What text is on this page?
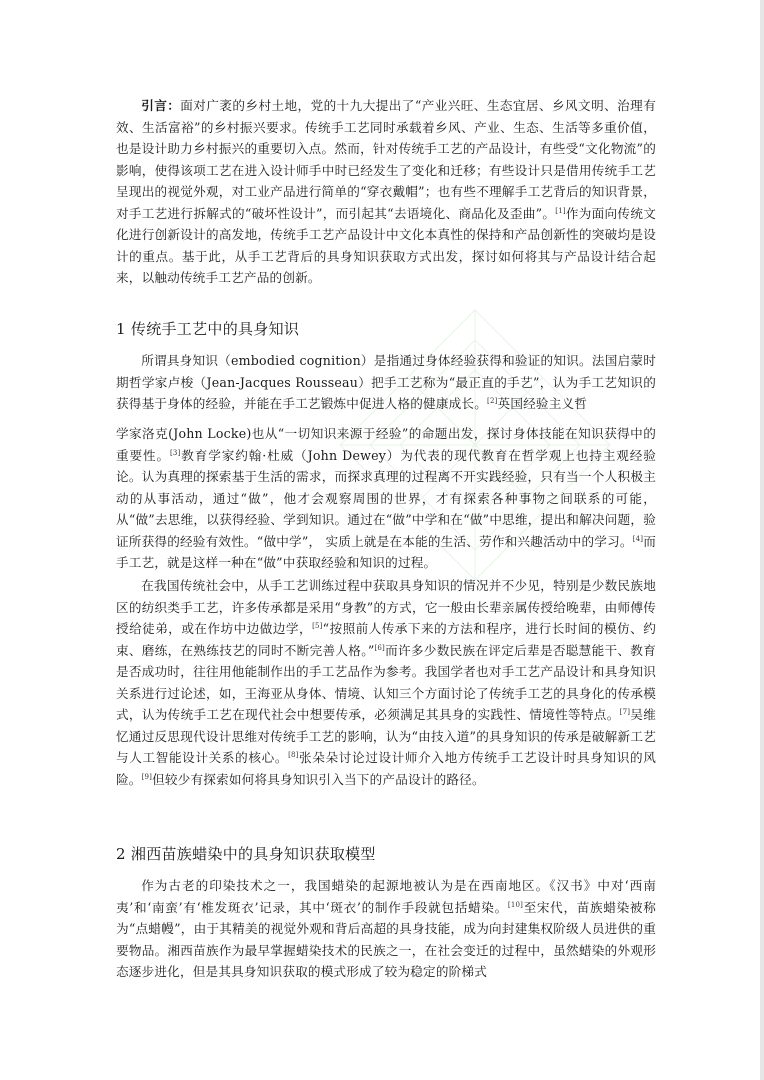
引言：面对广袤的乡村土地，党的十九大提出了“产业兴旺、生态宜居、乡风文明、治理有效、生活富裕”的乡村振兴要求。传统手工艺同时承载着乡风、产业、生态、生活等多重价值，也是设计助力乡村振兴的重要切入点。然而，针对传统手工艺的产品设计，有些受“文化物流”的影响，使得该项工艺在进入设计师手中时已经发生了变化和迁移；有些设计只是借用传统手工艺呈现出的视觉外观，对工业产品进行简单的“穿衣戴帽”；也有些不理解手工艺背后的知识背景，对手工艺进行拆解式的“破坏性设计”，而引起其“去语境化、商品化及歪曲”。[1]作为面向传统文化进行创新设计的高发地，传统手工艺产品设计中文化本真性的保持和产品创新性的突破均是设计的重点。基于此，从手工艺背后的具身知识获取方式出发，探讨如何将其与产品设计结合起来，以触动传统手工艺产品的创新。

1 传统手工艺中的具身知识

所谓具身知识（embodied cognition）是指通过身体经验获得和验证的知识。法国启蒙时期哲学家卢梭（Jean-Jacques Rousseau）把手工艺称为“最正直的手艺”，认为手工艺知识的获得基于身体的经验，并能在手工艺锻炼中促进人格的健康成长。[2]英国经验主义哲

学家洛克(John Locke)也从“一切知识来源于经验”的命题出发，探讨身体技能在知识获得中的重要性。[3]教育学家约翰·杜威（John Dewey）为代表的现代教育在哲学观上也持主观经验论。认为真理的探索基于生活的需求，而探求真理的过程离不开实践经验，只有当一个人积极主动的从事活动，通过“做”，他才会观察周围的世界，才有探索各种事物之间联系的可能，从“做”去思维，以获得经验、学到知识。通过在“做”中学和在“做”中思维，提出和解决问题，验证所获得的经验有效性。“做中学”， 实质上就是在本能的生活、劳作和兴趣活动中的学习。[4]而手工艺，就是这样一种在“做”中获取经验和知识的过程。

在我国传统社会中，从手工艺训练过程中获取具身知识的情况并不少见，特别是少数民族地区的纺织类手工艺，许多传承都是采用“身教”的方式，它一般由长辈亲属传授给晚辈，由师傅传授给徒弟，或在作坊中边做边学，[5]“按照前人传承下来的方法和程序，进行长时间的模仿、约束、磨练，在熟练技艺的同时不断完善人格。”[6]而许多少数民族在评定后辈是否聪慧能干、教育是否成功时，往往用他能制作出的手工艺品作为参考。我国学者也对手工艺产品设计和具身知识关系进行过论述，如，王海亚从身体、情境、认知三个方面讨论了传统手工艺的具身化的传承模式，认为传统手工艺在现代社会中想要传承，必须满足其具身的实践性、情境性等特点。[7]吴维忆通过反思现代设计思维对传统手工艺的影响，认为“由技入道”的具身知识的传承是破解新工艺与人工智能设计关系的核心。[8]张朵朵讨论过设计师介入地方传统手工艺设计时具身知识的风险。[9]但较少有探索如何将具身知识引入当下的产品设计的路径。

2 湘西苗族蜡染中的具身知识获取模型

作为古老的印染技术之一，我国蜡染的起源地被认为是在西南地区。《汉书》中对‘西南夷’和‘南蛮’有‘椎发斑衣’记录，其中‘斑衣’的制作手段就包括蜡染。[10]至宋代，苗族蜡染被称为“点蜡幔”，由于其精美的视觉外观和背后高超的具身技能，成为向封建集权阶级人员进供的重要物品。湘西苗族作为最早掌握蜡染技术的民族之一，在社会变迁的过程中，虽然蜡染的外观形态逐步进化，但是其具身知识获取的模式形成了较为稳定的阶梯式
